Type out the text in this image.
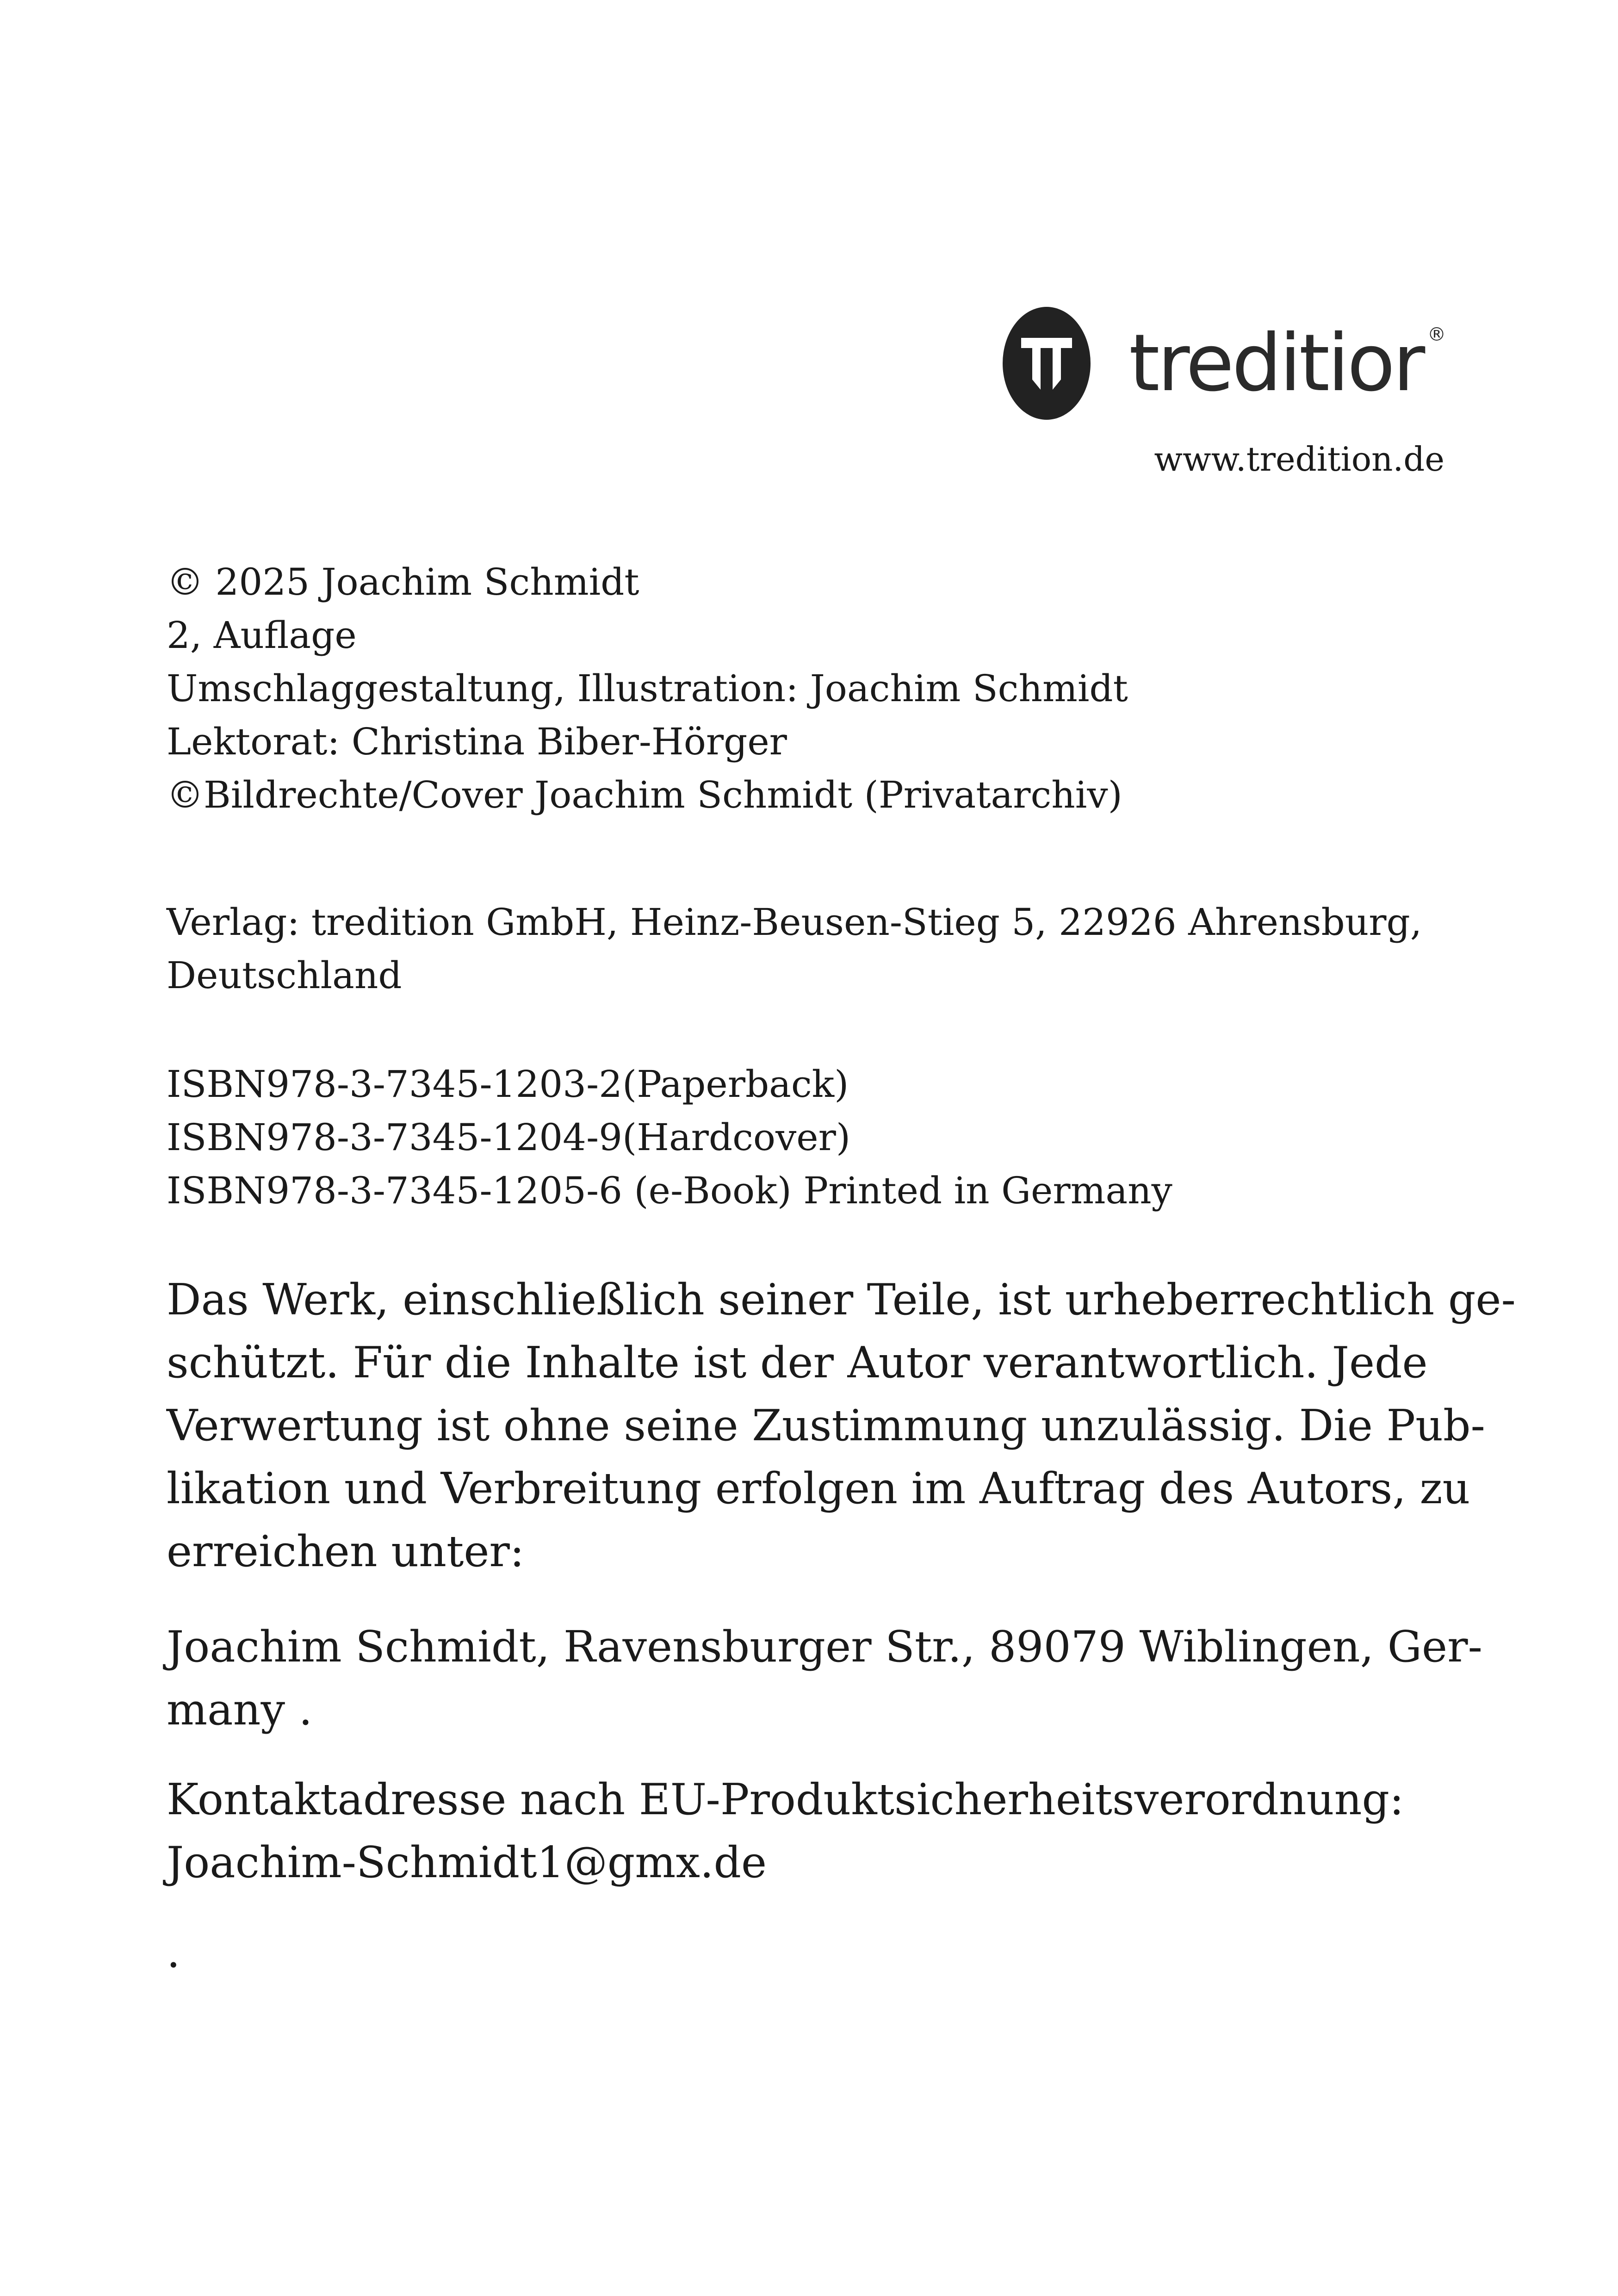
treditior ®
www.tredition.de
© 2025 Joachim Schmidt
2, Auflage
Umschlaggestaltung, Illustration: Joachim Schmidt
Lektorat: Christina Biber-Hörger
©Bildrechte/Cover Joachim Schmidt (Privatarchiv)
Verlag: tredition GmbH, Heinz-Beusen-Stieg 5, 22926 Ahrensburg,
Deutschland
ISBN978-3-7345-1203-2(Paperback)
ISBN978-3-7345-1204-9(Hardcover)
ISBN978-3-7345-1205-6 (e-Book) Printed in Germany
Das Werk, einschließlich seiner Teile, ist urheberrechtlich ge-
schützt. Für die Inhalte ist der Autor verantwortlich. Jede
Verwertung ist ohne seine Zustimmung unzulässig. Die Pub-
likation und Verbreitung erfolgen im Auftrag des Autors, zu
erreichen unter:
Joachim Schmidt, Ravensburger Str., 89079 Wiblingen, Ger-
many .
Kontaktadresse nach EU-Produktsicherheitsverordnung:
Joachim-Schmidt1@gmx.de
.
